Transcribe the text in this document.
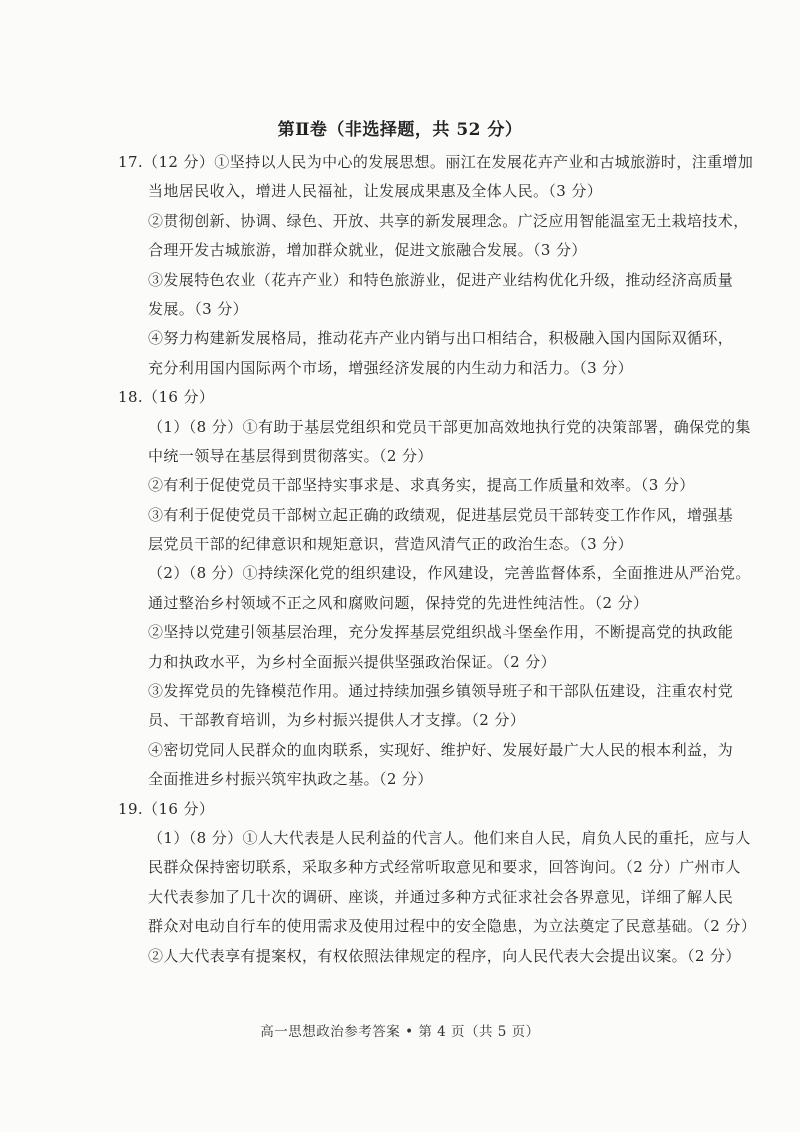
第Ⅱ卷（非选择题，共 52 分）
17.（12 分）①坚持以人民为中心的发展思想。丽江在发展花卉产业和古城旅游时，注重增加
当地居民收入，增进人民福祉，让发展成果惠及全体人民。（3 分）
②贯彻创新、协调、绿色、开放、共享的新发展理念。广泛应用智能温室无土栽培技术，
合理开发古城旅游，增加群众就业，促进文旅融合发展。（3 分）
③发展特色农业（花卉产业）和特色旅游业，促进产业结构优化升级，推动经济高质量
发展。（3 分）
④努力构建新发展格局，推动花卉产业内销与出口相结合，积极融入国内国际双循环，
充分利用国内国际两个市场，增强经济发展的内生动力和活力。（3 分）
18.（16 分）
（1）（8 分）①有助于基层党组织和党员干部更加高效地执行党的决策部署，确保党的集
中统一领导在基层得到贯彻落实。（2 分）
②有利于促使党员干部坚持实事求是、求真务实，提高工作质量和效率。（3 分）
③有利于促使党员干部树立起正确的政绩观，促进基层党员干部转变工作作风，增强基
层党员干部的纪律意识和规矩意识，营造风清气正的政治生态。（3 分）
（2）（8 分）①持续深化党的组织建设，作风建设，完善监督体系，全面推进从严治党。
通过整治乡村领域不正之风和腐败问题，保持党的先进性纯洁性。（2 分）
②坚持以党建引领基层治理，充分发挥基层党组织战斗堡垒作用，不断提高党的执政能
力和执政水平，为乡村全面振兴提供坚强政治保证。（2 分）
③发挥党员的先锋模范作用。通过持续加强乡镇领导班子和干部队伍建设，注重农村党
员、干部教育培训，为乡村振兴提供人才支撑。（2 分）
④密切党同人民群众的血肉联系，实现好、维护好、发展好最广大人民的根本利益，为
全面推进乡村振兴筑牢执政之基。（2 分）
19.（16 分）
（1）（8 分）①人大代表是人民利益的代言人。他们来自人民，肩负人民的重托，应与人
民群众保持密切联系，采取多种方式经常听取意见和要求，回答询问。（2 分）广州市人
大代表参加了几十次的调研、座谈，并通过多种方式征求社会各界意见，详细了解人民
群众对电动自行车的使用需求及使用过程中的安全隐患，为立法奠定了民意基础。（2 分）
②人大代表享有提案权，有权依照法律规定的程序，向人民代表大会提出议案。（2 分）
高一思想政治参考答案 • 第 4 页（共 5 页）
